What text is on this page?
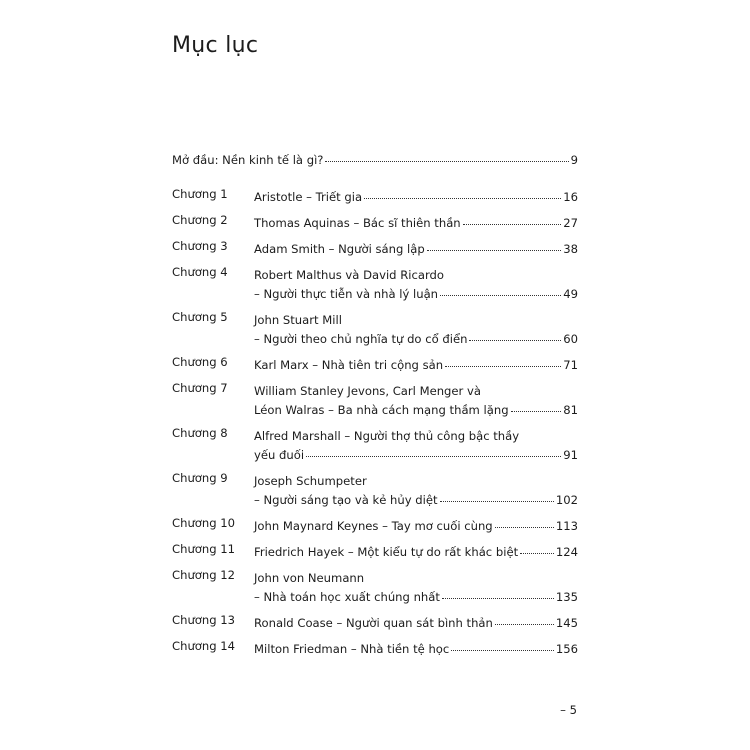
Mục lục
Mở đầu: Nền kinh tế là gì?	9
Chương 1	Aristotle – Triết gia	16
Chương 2	Thomas Aquinas – Bác sĩ thiên thần	27
Chương 3	Adam Smith – Người sáng lập	38
Chương 4	Robert Malthus và David Ricardo
– Người thực tiễn và nhà lý luận	49
Chương 5	John Stuart Mill
– Người theo chủ nghĩa tự do cổ điển	60
Chương 6	Karl Marx – Nhà tiên tri cộng sản	71
Chương 7	William Stanley Jevons, Carl Menger và
Léon Walras – Ba nhà cách mạng thầm lặng	81
Chương 8	Alfred Marshall – Người thợ thủ công bậc thầy
yếu đuối	91
Chương 9	Joseph Schumpeter
– Người sáng tạo và kẻ hủy diệt	102
Chương 10	John Maynard Keynes – Tay mơ cuối cùng	113
Chương 11	Friedrich Hayek – Một kiểu tự do rất khác biệt	124
Chương 12	John von Neumann
– Nhà toán học xuất chúng nhất	135
Chương 13	Ronald Coase – Người quan sát bình thản	145
Chương 14	Milton Friedman – Nhà tiền tệ học	156
– 5
